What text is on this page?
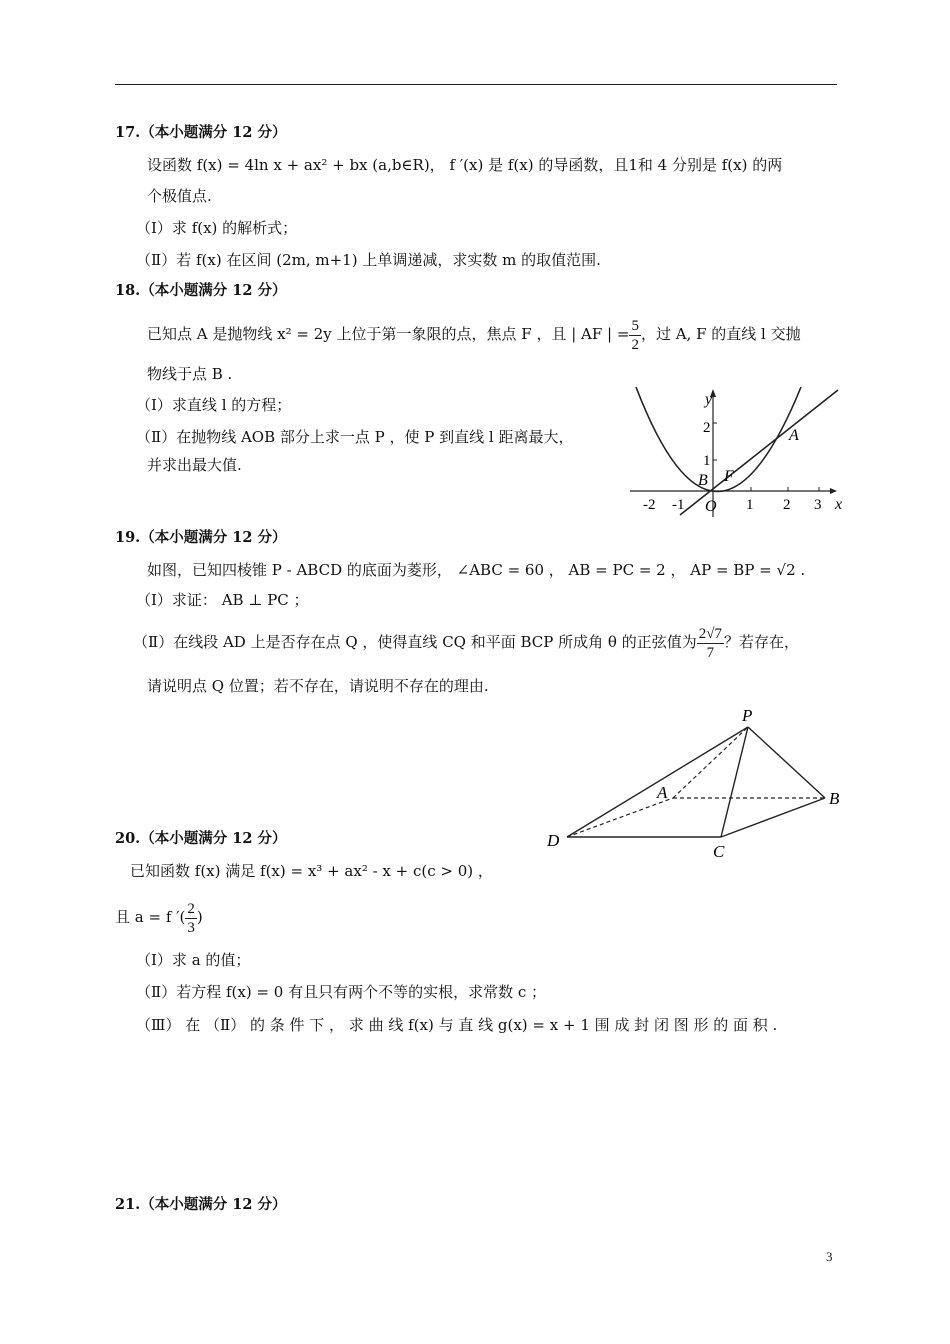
17.（本小题满分 12 分）
设函数 f(x) = 4ln x + ax² + bx (a,b∈R)， f ′(x) 是 f(x) 的导函数，且1和 4 分别是 f(x) 的两
个极值点.
（Ⅰ）求 f(x) 的解析式；
（Ⅱ）若 f(x) 在区间 (2m, m+1) 上单调递减，求实数 m 的取值范围.
18.（本小题满分 12 分）
已知点 A 是抛物线 x² = 2y 上位于第一象限的点，焦点 F ，且 | AF | = $\frac{5}{2}$ ，过 A, F 的直线 l 交抛
物线于点 B .
（Ⅰ）求直线 l 的方程；
（Ⅱ）在抛物线 AOB 部分上求一点 P ，使 P 到直线 l 距离最大，
并求出最大值.
y
x
O
2
1
-2 -1	1 2 3
A
B F
19.（本小题满分 12 分）
如图，已知四棱锥 P - ABCD 的底面为菱形， ∠ABC = 60 ， AB = PC = 2 ， AP = BP = √2 .
（Ⅰ）求证： AB ⊥ PC ；
（Ⅱ）在线段 AD 上是否存在点 Q ，使得直线 CQ 和平面 BCP 所成角 θ 的正弦值为 $\frac{2√7}{7}$ ？若存在，
请说明点 Q 位置；若不存在，请说明不存在的理由.
P
A	B
C
D
20.（本小题满分 12 分）
已知函数 f(x) 满足 f(x) = x³ + ax² - x + c(c > 0) ，
且 a = f ′( $\frac{2}{3}$ )
（Ⅰ）求 a 的值；
（Ⅱ）若方程 f(x) = 0 有且只有两个不等的实根，求常数 c ；
（Ⅲ） 在 （Ⅱ） 的 条 件 下 ， 求 曲 线 f(x) 与 直 线 g(x) = x + 1 围 成 封 闭 图 形 的 面 积 .
21.（本小题满分 12 分）
3
